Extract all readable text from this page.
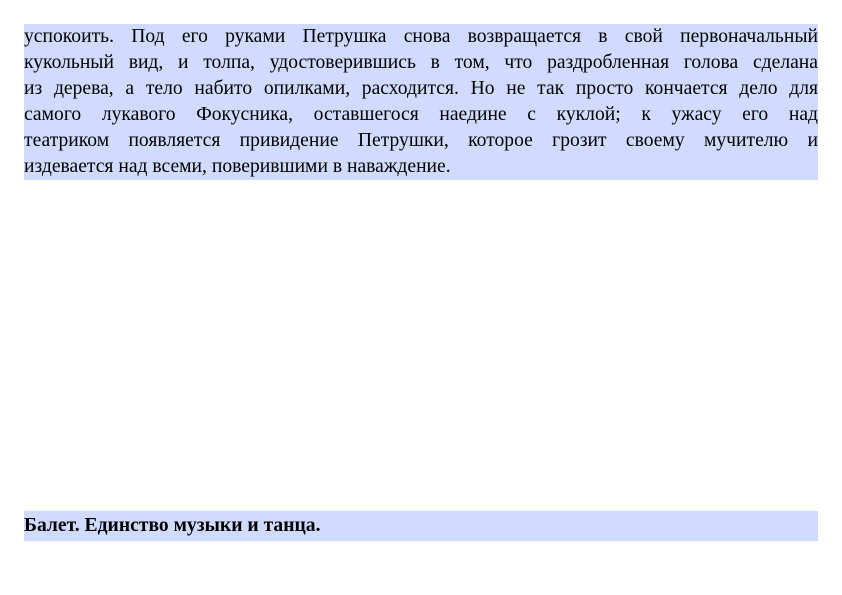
успокоить. Под его руками Петрушка снова возвращается в свой первоначальный
кукольный вид, и толпа, удостоверившись в том, что раздробленная голова сделана
из дерева, а тело набито опилками, расходится. Но не так просто кончается дело для
самого лукавого Фокусника, оставшегося наедине с куклой; к ужасу его над
театриком появляется привидение Петрушки, которое грозит своему мучителю и
издевается над всеми, поверившими в наваждение.
Балет. Единство музыки и танца.
